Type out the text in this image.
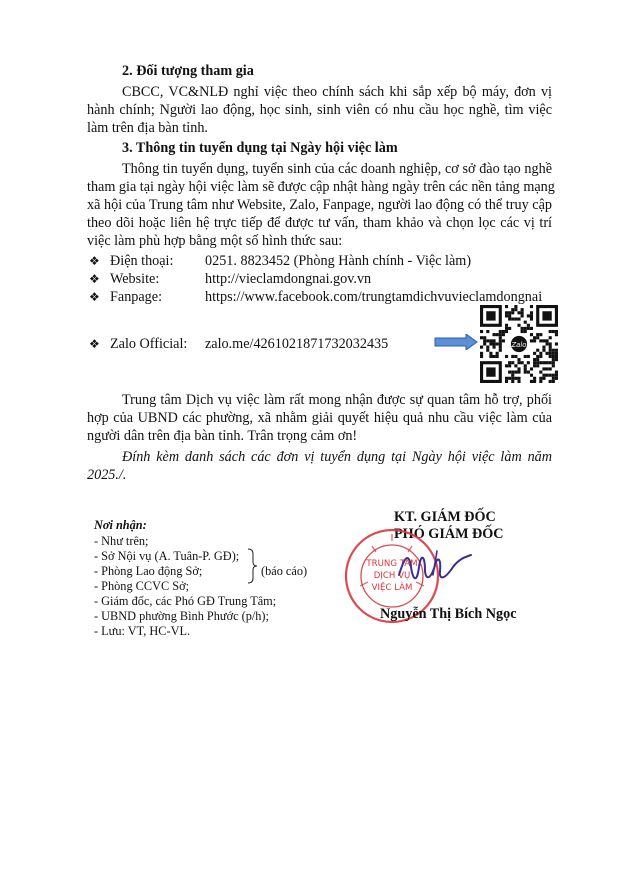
2. Đối tượng tham gia
CBCC, VC&NLĐ nghỉ việc theo chính sách khi sắp xếp bộ máy, đơn vị
hành chính; Người lao động, học sinh, sinh viên có nhu cầu học nghề, tìm việc
làm trên địa bàn tỉnh.
3. Thông tin tuyển dụng tại Ngày hội việc làm
Thông tin tuyển dụng, tuyển sinh của các doanh nghiệp, cơ sở đào tạo nghề
tham gia tại ngày hội việc làm sẽ được cập nhật hàng ngày trên các nền tảng mạng
xã hội của Trung tâm như Website, Zalo, Fanpage, người lao động có thể truy cập
theo dõi hoặc liên hệ trực tiếp để được tư vấn, tham khảo và chọn lọc các vị trí
việc làm phù hợp bằng một số hình thức sau:
❖ Điện thoại: 0251. 8823452 (Phòng Hành chính - Việc làm)
❖ Website:	http://vieclamdongnai.gov.vn
❖ Fanpage:	https://www.facebook.com/trungtamdichvuvieclamdongnai
❖ Zalo Official: zalo.me/4261021871732032435	Zalo
Trung tâm Dịch vụ việc làm rất mong nhận được sự quan tâm hỗ trợ, phối
hợp của UBND các phường, xã nhằm giải quyết hiệu quả nhu cầu việc làm của
người dân trên địa bàn tỉnh. Trân trọng cảm ơn!
Đính kèm danh sách các đơn vị tuyển dụng tại Ngày hội việc làm năm
2025./.
Nơi nhận:
- Như trên;
- Sở Nội vụ (A. Tuân-P. GĐ);
- Phòng Lao động Sở;
- Phòng CCVC Sở;
- Giám đốc, các Phó GĐ Trung Tâm;
- UBND phường Bình Phước (p/h);
- Lưu: VT, HC-VL.
(báo cáo)
KT. GIÁM ĐỐC
PHÓ GIÁM ĐỐC
TRUNG TÂM
DỊCH VỤ
VIỆC LÀM
Nguyễn Thị Bích Ngọc
